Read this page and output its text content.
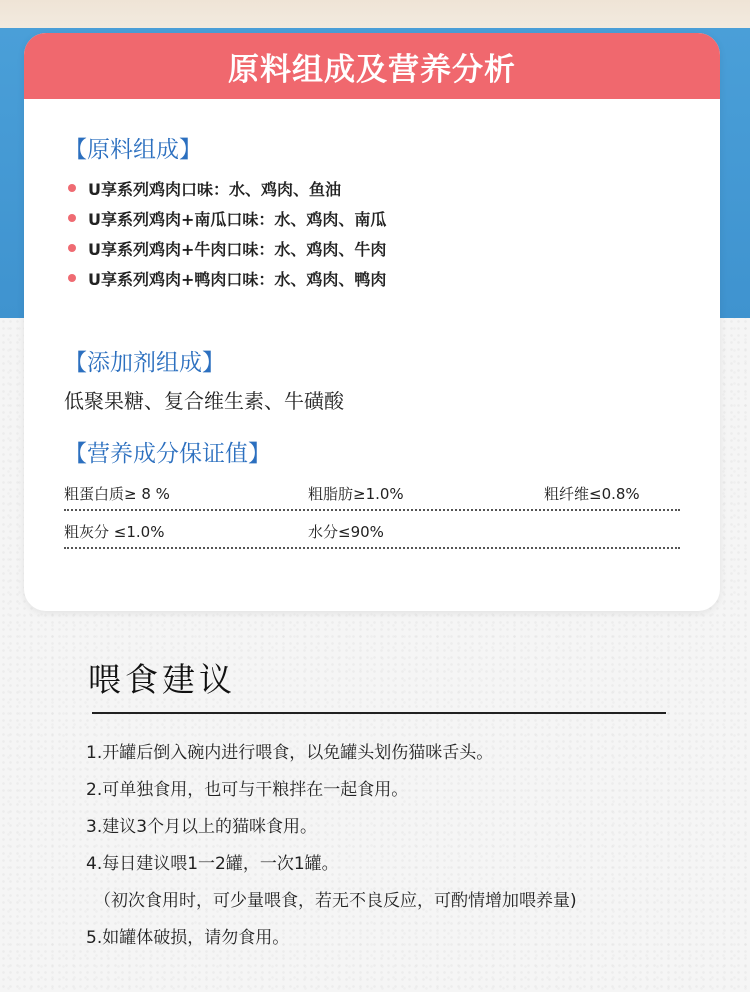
原料组成及营养分析
【原料组成】
U享系列鸡肉口味：水、鸡肉、鱼油
U享系列鸡肉+南瓜口味：水、鸡肉、南瓜
U享系列鸡肉+牛肉口味：水、鸡肉、牛肉
U享系列鸡肉+鸭肉口味：水、鸡肉、鸭肉
【添加剂组成】
低聚果糖、复合维生素、牛磺酸
【营养成分保证值】
粗蛋白质≥ 8 %	粗脂肪≥1.0%	粗纤维≤0.8%
粗灰分 ≤1.0%	水分≤90%
喂食建议
1.开罐后倒入碗内进行喂食，以免罐头划伤猫咪舌头。
2.可单独食用，也可与干粮拌在一起食用。
3.建议3个月以上的猫咪食用。
4.每日建议喂1一2罐，一次1罐。
（初次食用时，可少量喂食，若无不良反应，可酌情增加喂养量)
5.如罐体破损，请勿食用。
